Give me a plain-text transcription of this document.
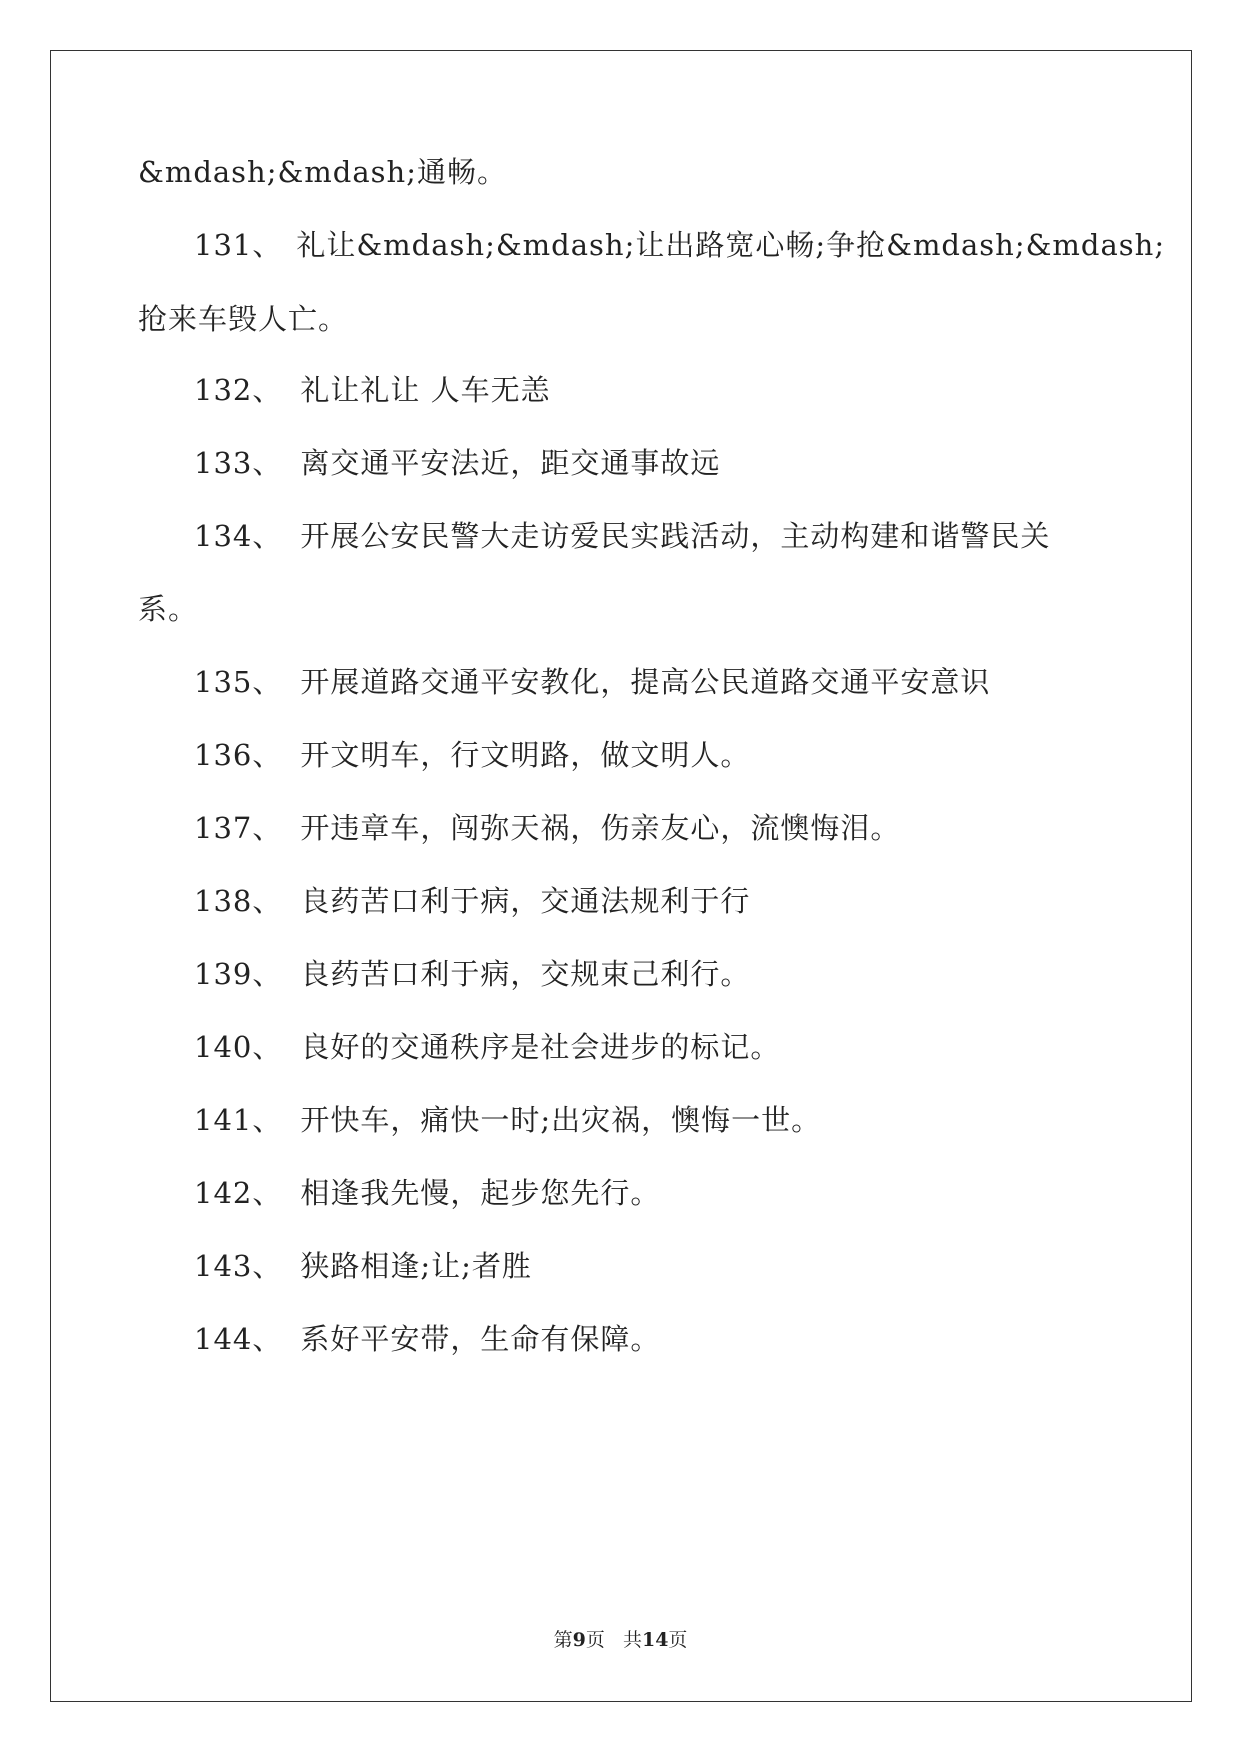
&mdash;&mdash;通畅。
131、礼让&mdash;&mdash;让出路宽心畅;争抢&mdash;&mdash;
抢来车毁人亡。
132、 礼让礼让 人车无恙
133、 离交通平安法近，距交通事故远
134、 开展公安民警大走访爱民实践活动，主动构建和谐警民关
系。
135、 开展道路交通平安教化，提高公民道路交通平安意识
136、 开文明车，行文明路，做文明人。
137、 开违章车，闯弥天祸，伤亲友心，流懊悔泪。
138、 良药苦口利于病，交通法规利于行
139、 良药苦口利于病，交规束己利行。
140、 良好的交通秩序是社会进步的标记。
141、 开快车，痛快一时;出灾祸，懊悔一世。
142、 相逢我先慢，起步您先行。
143、 狭路相逢;让;者胜
144、 系好平安带，生命有保障。
第9页 共14页
